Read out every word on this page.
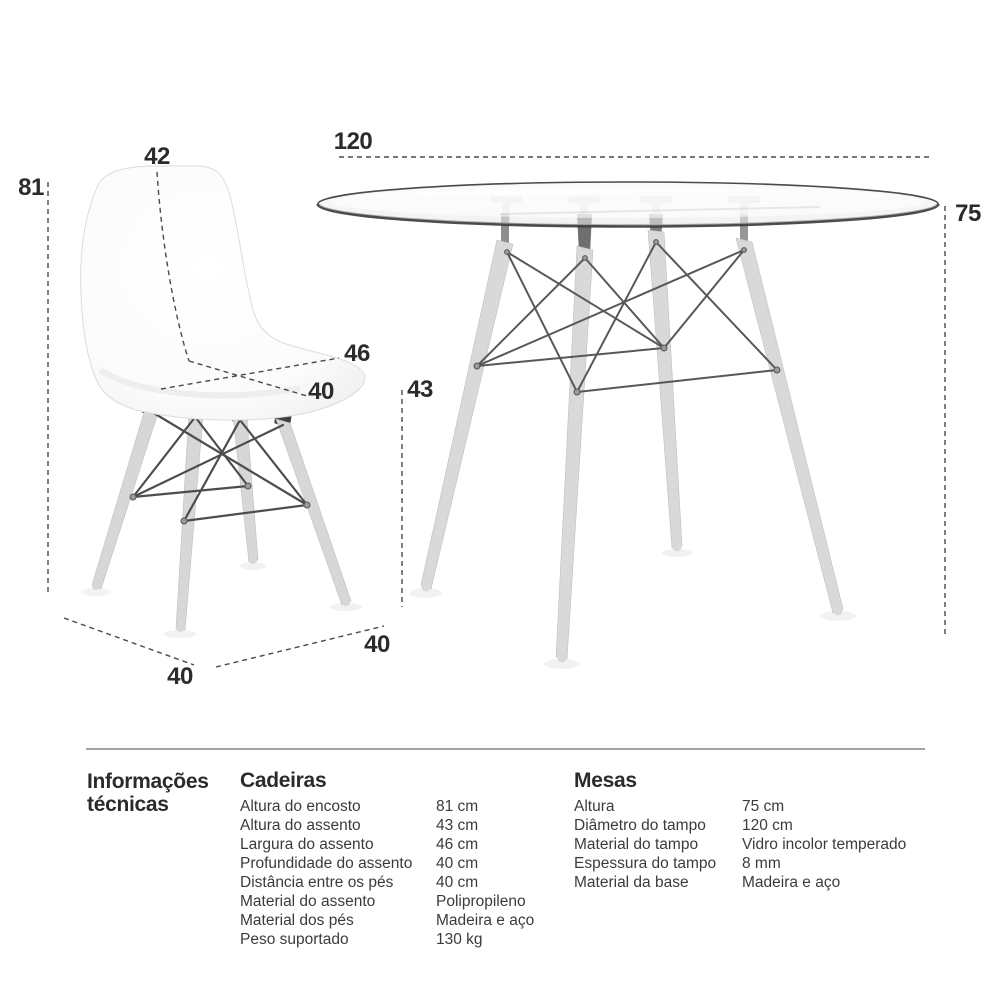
42
81
120
75
46
40	43
40
40
Informações
técnicas
Cadeiras
Altura do encosto	81 cm
Altura do assento	43 cm
Largura do assento	46 cm
Profundidade do assento	40 cm
Distância entre os pés	40 cm
Material do assento	Polipropileno
Material dos pés	Madeira e aço
Peso suportado	130 kg
Mesas
Altura	75 cm
Diâmetro do tampo	120 cm
Material do tampo	Vidro incolor temperado
Espessura do tampo	8 mm
Material da base	Madeira e aço
